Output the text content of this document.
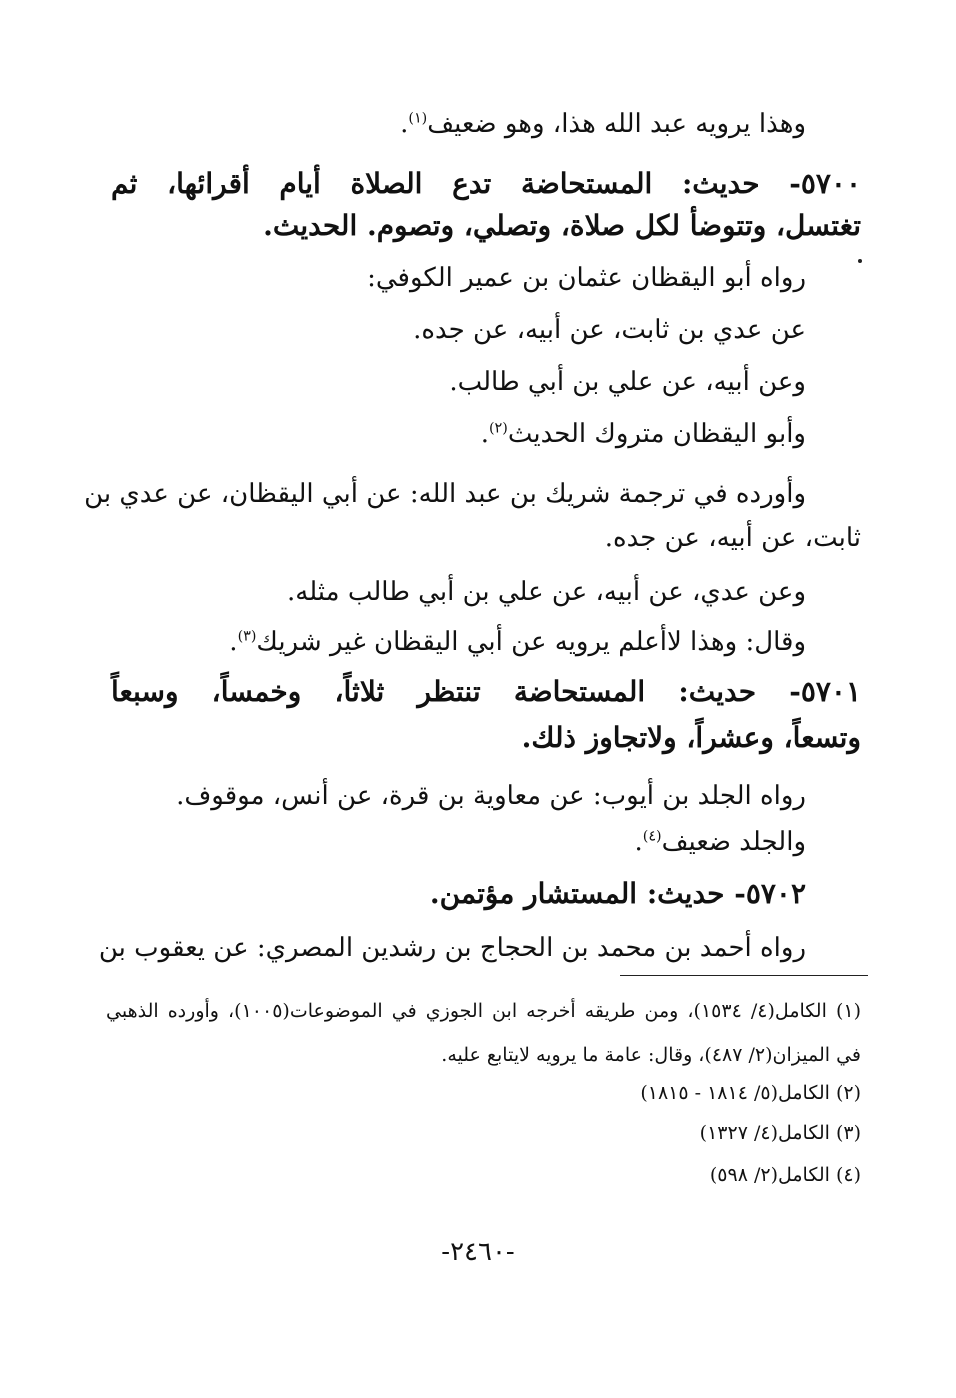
وهذا يرويه عبد الله هذا، وهو ضعيف$^{(١)}$.

٥٧٠٠- حديث: المستحاضة تدع الصلاة أيام أقرائها، ثم

تغتسل، وتتوضأ لكل صلاة، وتصلي، وتصوم. الحديث.

رواه أبو اليقظان عثمان بن عمير الكوفي:

عن عدي بن ثابت، عن أبيه، عن جده.

وعن أبيه، عن علي بن أبي طالب.

وأبو اليقظان متروك الحديث$^{(٢)}$.

وأورده في ترجمة شريك بن عبد الله: عن أبي اليقظان، عن عدي بن

ثابت، عن أبيه، عن جده.

وعن عدي، عن أبيه، عن علي بن أبي طالب مثله.

وقال: وهذا لاأعلم يرويه عن أبي اليقظان غير شريك$^{(٣)}$.

٥٧٠١- حديث: المستحاضة تنتظر ثلاثاً، وخمساً، وسبعاً

وتسعاً، وعشراً، ولاتجاوز ذلك.

رواه الجلد بن أيوب: عن معاوية بن قرة، عن أنس، موقوف.

والجلد ضعيف$^{(٤)}$.

٥٧٠٢- حديث: المستشار مؤتمن.

رواه أحمد بن محمد بن الحجاج بن رشدين المصري: عن يعقوب بن

(١) الكامل(٤/ ١٥٣٤)، ومن طريقه أخرجه ابن الجوزي في الموضوعات(١٠٠٥)، وأورده الذهبي

في الميزان(٢/ ٤٨٧)، وقال: عامة ما يرويه لايتابع عليه.

(٢) الكامل(٥/ ١٨١٤ - ١٨١٥)

(٣) الكامل(٤/ ١٣٢٧)

(٤) الكامل(٢/ ٥٩٨)

-٢٤٦٠-
